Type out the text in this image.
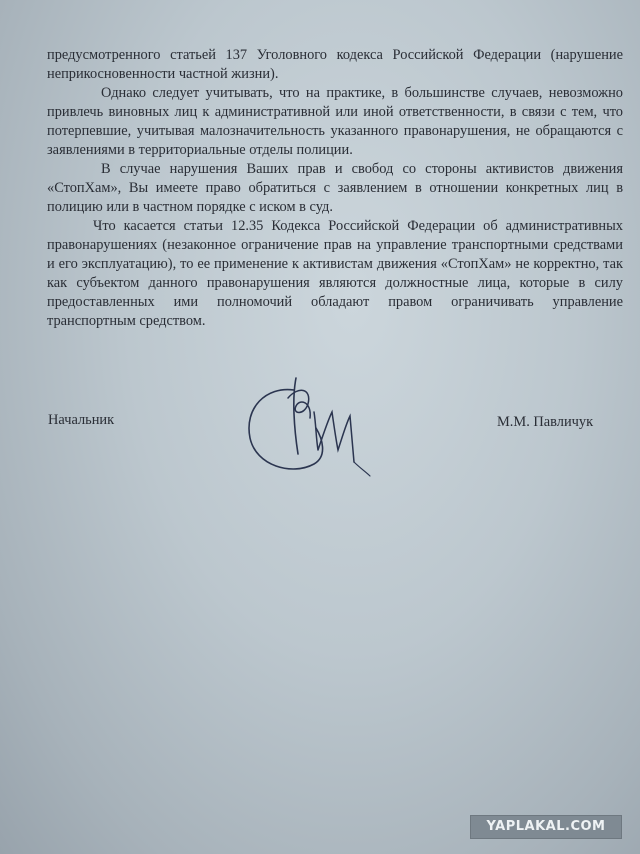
предусмотренного статьей 137 Уголовного кодекса Российской Федерации (нарушение неприкосновенности частной жизни).

Однако следует учитывать, что на практике, в большинстве случаев, невозможно привлечь виновных лиц к административной или иной ответственности, в связи с тем, что потерпевшие, учитывая малозначительность указанного правонарушения, не обращаются с заявлениями в территориальные отделы полиции.

В случае нарушения Ваших прав и свобод со стороны активистов движения «СтопХам», Вы имеете право обратиться с заявлением в отношении конкретных лиц в полицию или в частном порядке с иском в суд.

Что касается статьи 12.35 Кодекса Российской Федерации об административных правонарушениях (незаконное ограничение прав на управление транспортными средствами и его эксплуатацию), то ее применение к активистам движения «СтопХам» не корректно, так как субъектом данного правонарушения являются должностные лица, которые в силу предоставленных ими полномочий обладают правом ограничивать управление транспортным средством.

Начальник	М.М. Павличук
YAPLAKAL.COM
